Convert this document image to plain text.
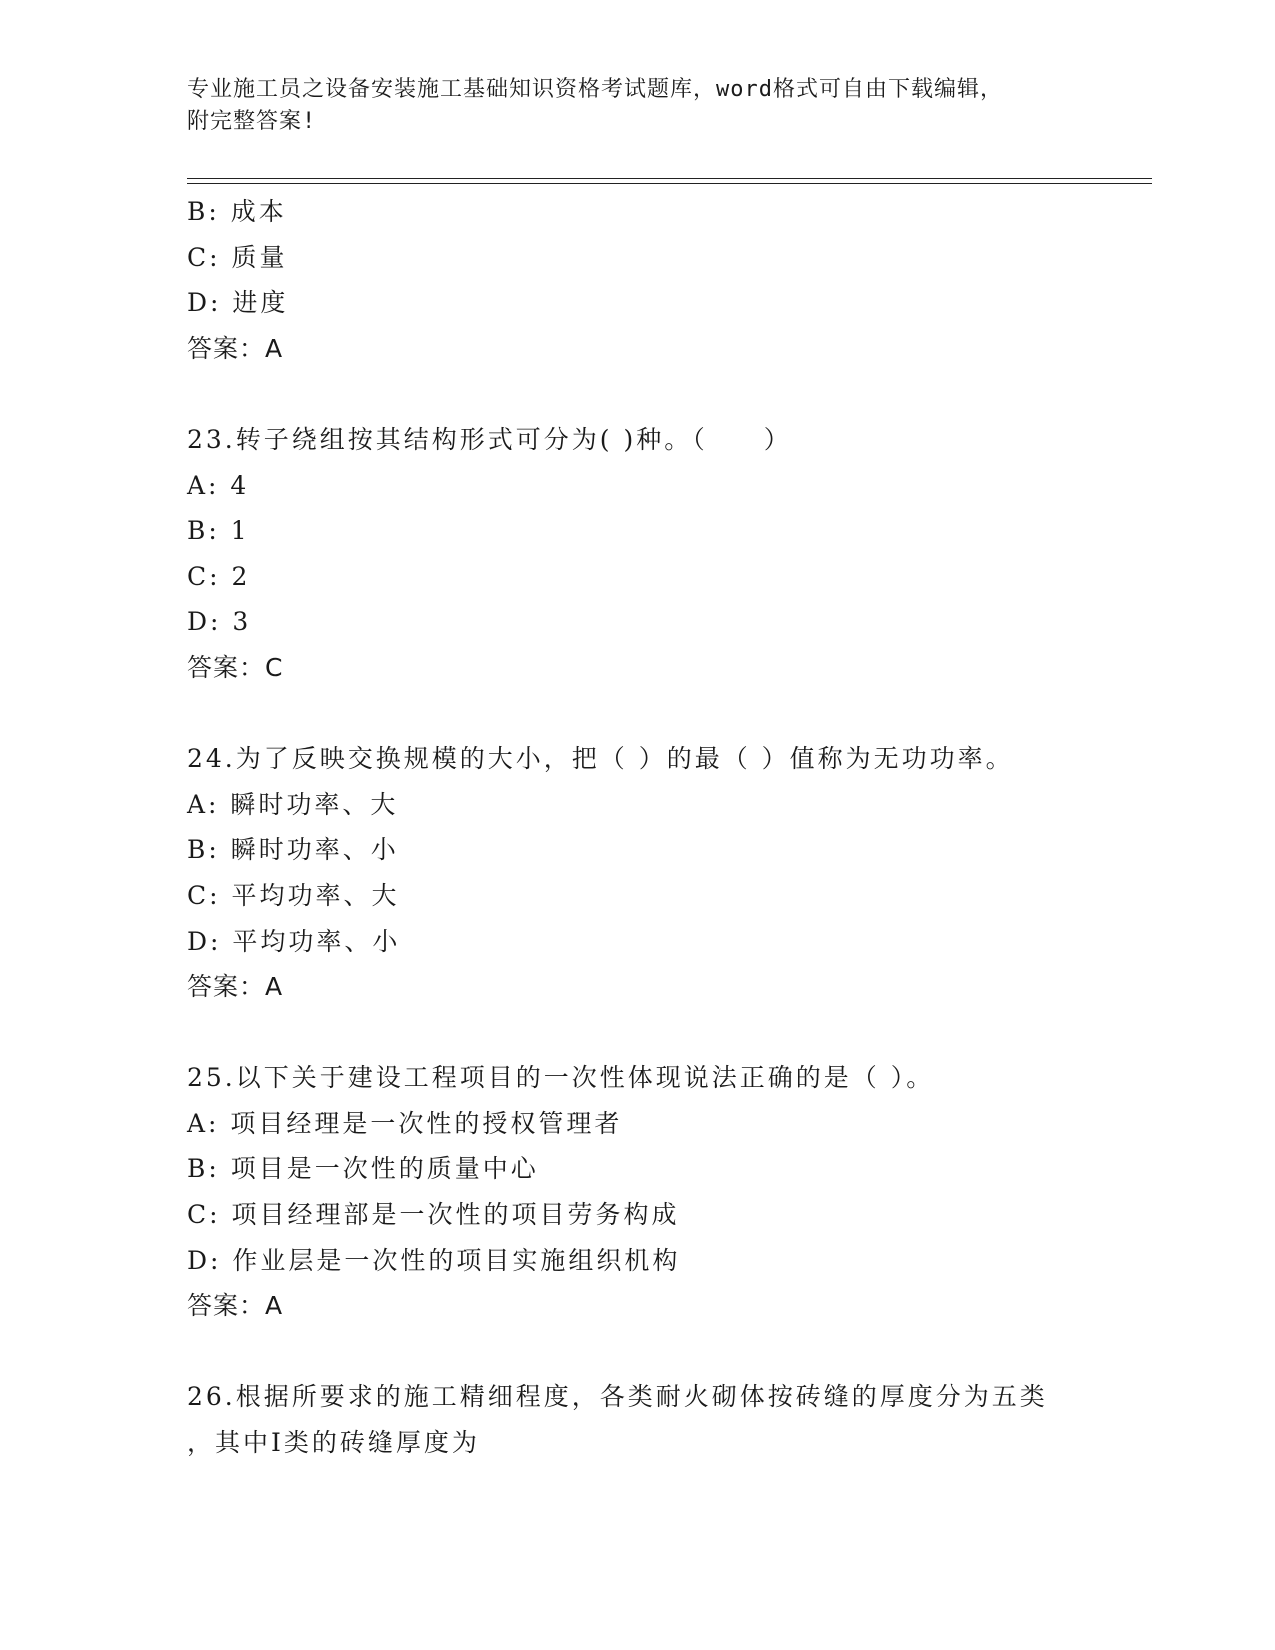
专业施工员之设备安装施工基础知识资格考试题库，word格式可自由下载编辑，
附完整答案!
B: 成本
C: 质量
D: 进度
答案：A
23.转子绕组按其结构形式可分为( )种。（　　）
A: 4
B: 1
C: 2
D: 3
答案：C
24.为了反映交换规模的大小，把（ ）的最（ ）值称为无功功率。
A: 瞬时功率、大
B: 瞬时功率、小
C: 平均功率、大
D: 平均功率、小
答案：A
25.以下关于建设工程项目的一次性体现说法正确的是（ ）。
A: 项目经理是一次性的授权管理者
B: 项目是一次性的质量中心
C: 项目经理部是一次性的项目劳务构成
D: 作业层是一次性的项目实施组织机构
答案：A
26.根据所要求的施工精细程度，各类耐火砌体按砖缝的厚度分为五类
，其中Ⅰ类的砖缝厚度为
